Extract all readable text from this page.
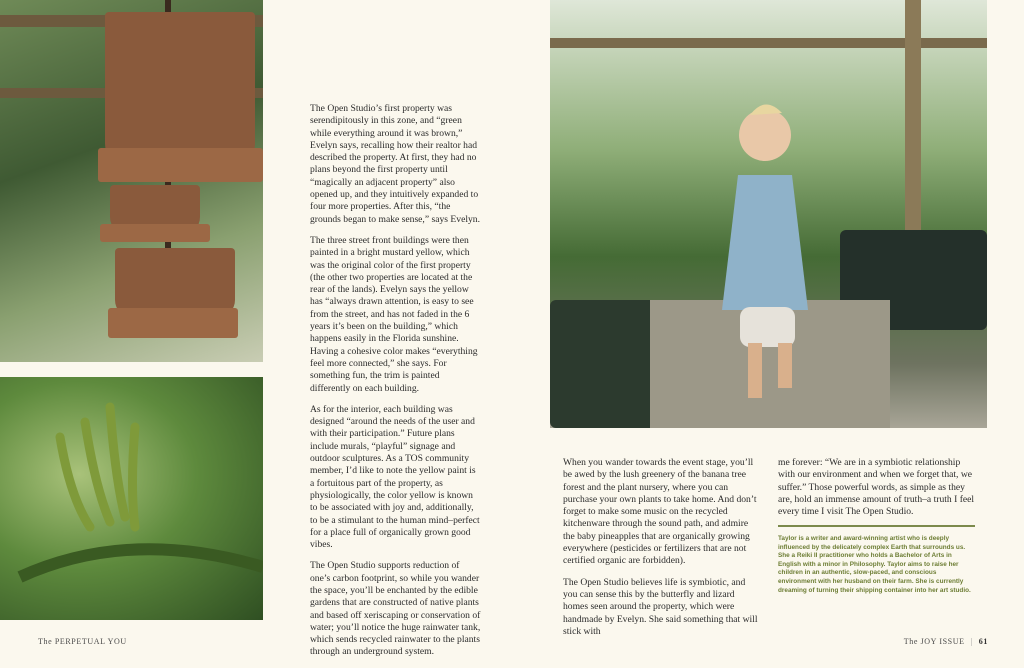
The Open Studio’s first property was serendipitously in this zone, and “green while everything around it was brown,” Evelyn says, recalling how their realtor had described the property. At first, they had no plans beyond the first property until “magically an adjacent property” also opened up, and they intuitively expanded to four more properties. After this, “the grounds began to make sense,” says Evelyn.

The three street front buildings were then painted in a bright mustard yellow, which was the original color of the first property (the other two properties are located at the rear of the lands). Evelyn says the yellow has “always drawn attention, is easy to see from the street, and has not faded in the 6 years it’s been on the building,” which happens easily in the Florida sunshine. Having a cohesive color makes “everything feel more connected,” she says. For something fun, the trim is painted differently on each building.

As for the interior, each building was designed “around the needs of the user and with their participation.” Future plans include murals, “playful” signage and outdoor sculptures. As a TOS community member, I’d like to note the yellow paint is a fortuitous part of the property, as physiologically, the color yellow is known to be associated with joy and, additionally, to be a stimulant to the human mind–perfect for a place full of organically grown good vibes.

The Open Studio supports reduction of one’s carbon footprint, so while you wander the space, you’ll be enchanted by the edible gardens that are constructed of native plants and based off xeriscaping or conservation of water; you’ll notice the huge rainwater tank, which sends recycled rainwater to the plants through an underground system.

When you wander towards the event stage, you’ll be awed by the lush greenery of the banana tree forest and the plant nursery, where you can purchase your own plants to take home. And don’t forget to make some music on the recycled kitchenware through the sound path, and admire the baby pineapples that are organically growing everywhere (pesticides or fertilizers that are not certified organic are forbidden).

The Open Studio believes life is symbiotic, and you can sense this by the butterfly and lizard homes seen around the property, which were handmade by Evelyn. She said something that will stick with

me forever: “We are in a symbiotic relationship with our environment and when we forget that, we suffer.” Those powerful words, as simple as they are, hold an immense amount of truth–a truth I feel every time I visit The Open Studio.

Taylor is a writer and award-winning artist who is deeply influenced by the delicately complex Earth that surrounds us. She a Reiki II practitioner who holds a Bachelor of Arts in English with a minor in Philosophy. Taylor aims to raise her children in an authentic, slow-paced, and conscious environment with her husband on their farm. She is currently dreaming of turning their shipping container into her art studio.
The PERPETUAL YOU	The JOY ISSUE | 61
